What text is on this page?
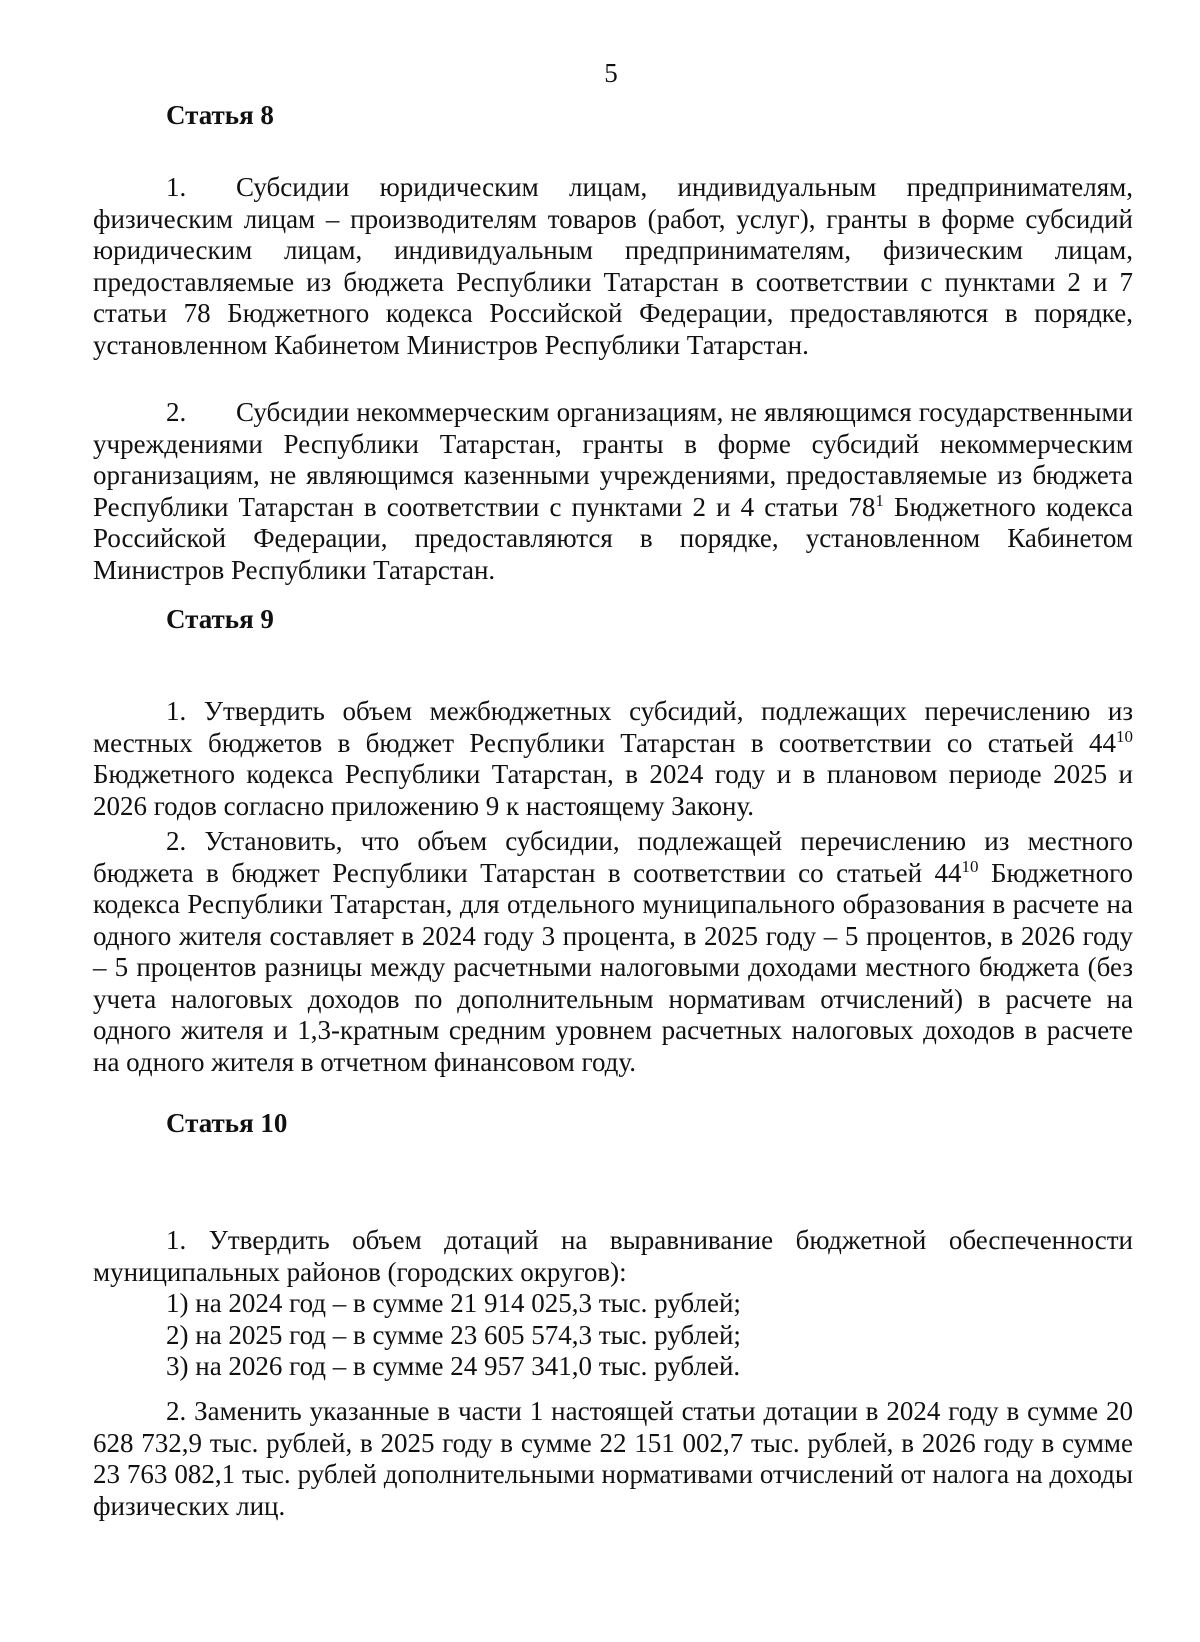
5
Статья 8

1. Субсидии юридическим лицам, индивидуальным предпринимателям, физическим лицам – производителям товаров (работ, услуг), гранты в форме субсидий юридическим лицам, индивидуальным предпринимателям, физическим лицам, предоставляемые из бюджета Республики Татарстан в соответствии с пунктами 2 и 7 статьи 78 Бюджетного кодекса Российской Федерации, предоставляются в порядке, установленном Кабинетом Министров Республики Татарстан.

2. Субсидии некоммерческим организациям, не являющимся государственными учреждениями Республики Татарстан, гранты в форме субсидий некоммерческим организациям, не являющимся казенными учреждениями, предоставляемые из бюджета Республики Татарстан в соответствии с пунктами 2 и 4 статьи $78^1$ Бюджетного кодекса Российской Федерации, предоставляются в порядке, установленном Кабинетом Министров Республики Татарстан.

Статья 9

1. Утвердить объем межбюджетных субсидий, подлежащих перечислению из местных бюджетов в бюджет Республики Татарстан в соответствии со статьей $44^{10}$ Бюджетного кодекса Республики Татарстан, в 2024 году и в плановом периоде 2025 и 2026 годов согласно приложению 9 к настоящему Закону.

2. Установить, что объем субсидии, подлежащей перечислению из местного бюджета в бюджет Республики Татарстан в соответствии со статьей $44^{10}$ Бюджетного кодекса Республики Татарстан, для отдельного муниципального образования в расчете на одного жителя составляет в 2024 году 3 процента, в 2025 году – 5 процентов, в 2026 году – 5 процентов разницы между расчетными налоговыми доходами местного бюджета (без учета налоговых доходов по дополнительным нормативам отчислений) в расчете на одного жителя и 1,3-кратным средним уровнем расчетных налоговых доходов в расчете на одного жителя в отчетном финансовом году.

Статья 10

1. Утвердить объем дотаций на выравнивание бюджетной обеспеченности муниципальных районов (городских округов):

1) на 2024 год – в сумме 21 914 025,3 тыс. рублей;

2) на 2025 год – в сумме 23 605 574,3 тыс. рублей;

3) на 2026 год – в сумме 24 957 341,0 тыс. рублей.

2. Заменить указанные в части 1 настоящей статьи дотации в 2024 году в сумме 20 628 732,9 тыс. рублей, в 2025 году в сумме 22 151 002,7 тыс. рублей, в 2026 году в сумме 23 763 082,1 тыс. рублей дополнительными нормативами отчислений от налога на доходы физических лиц.
